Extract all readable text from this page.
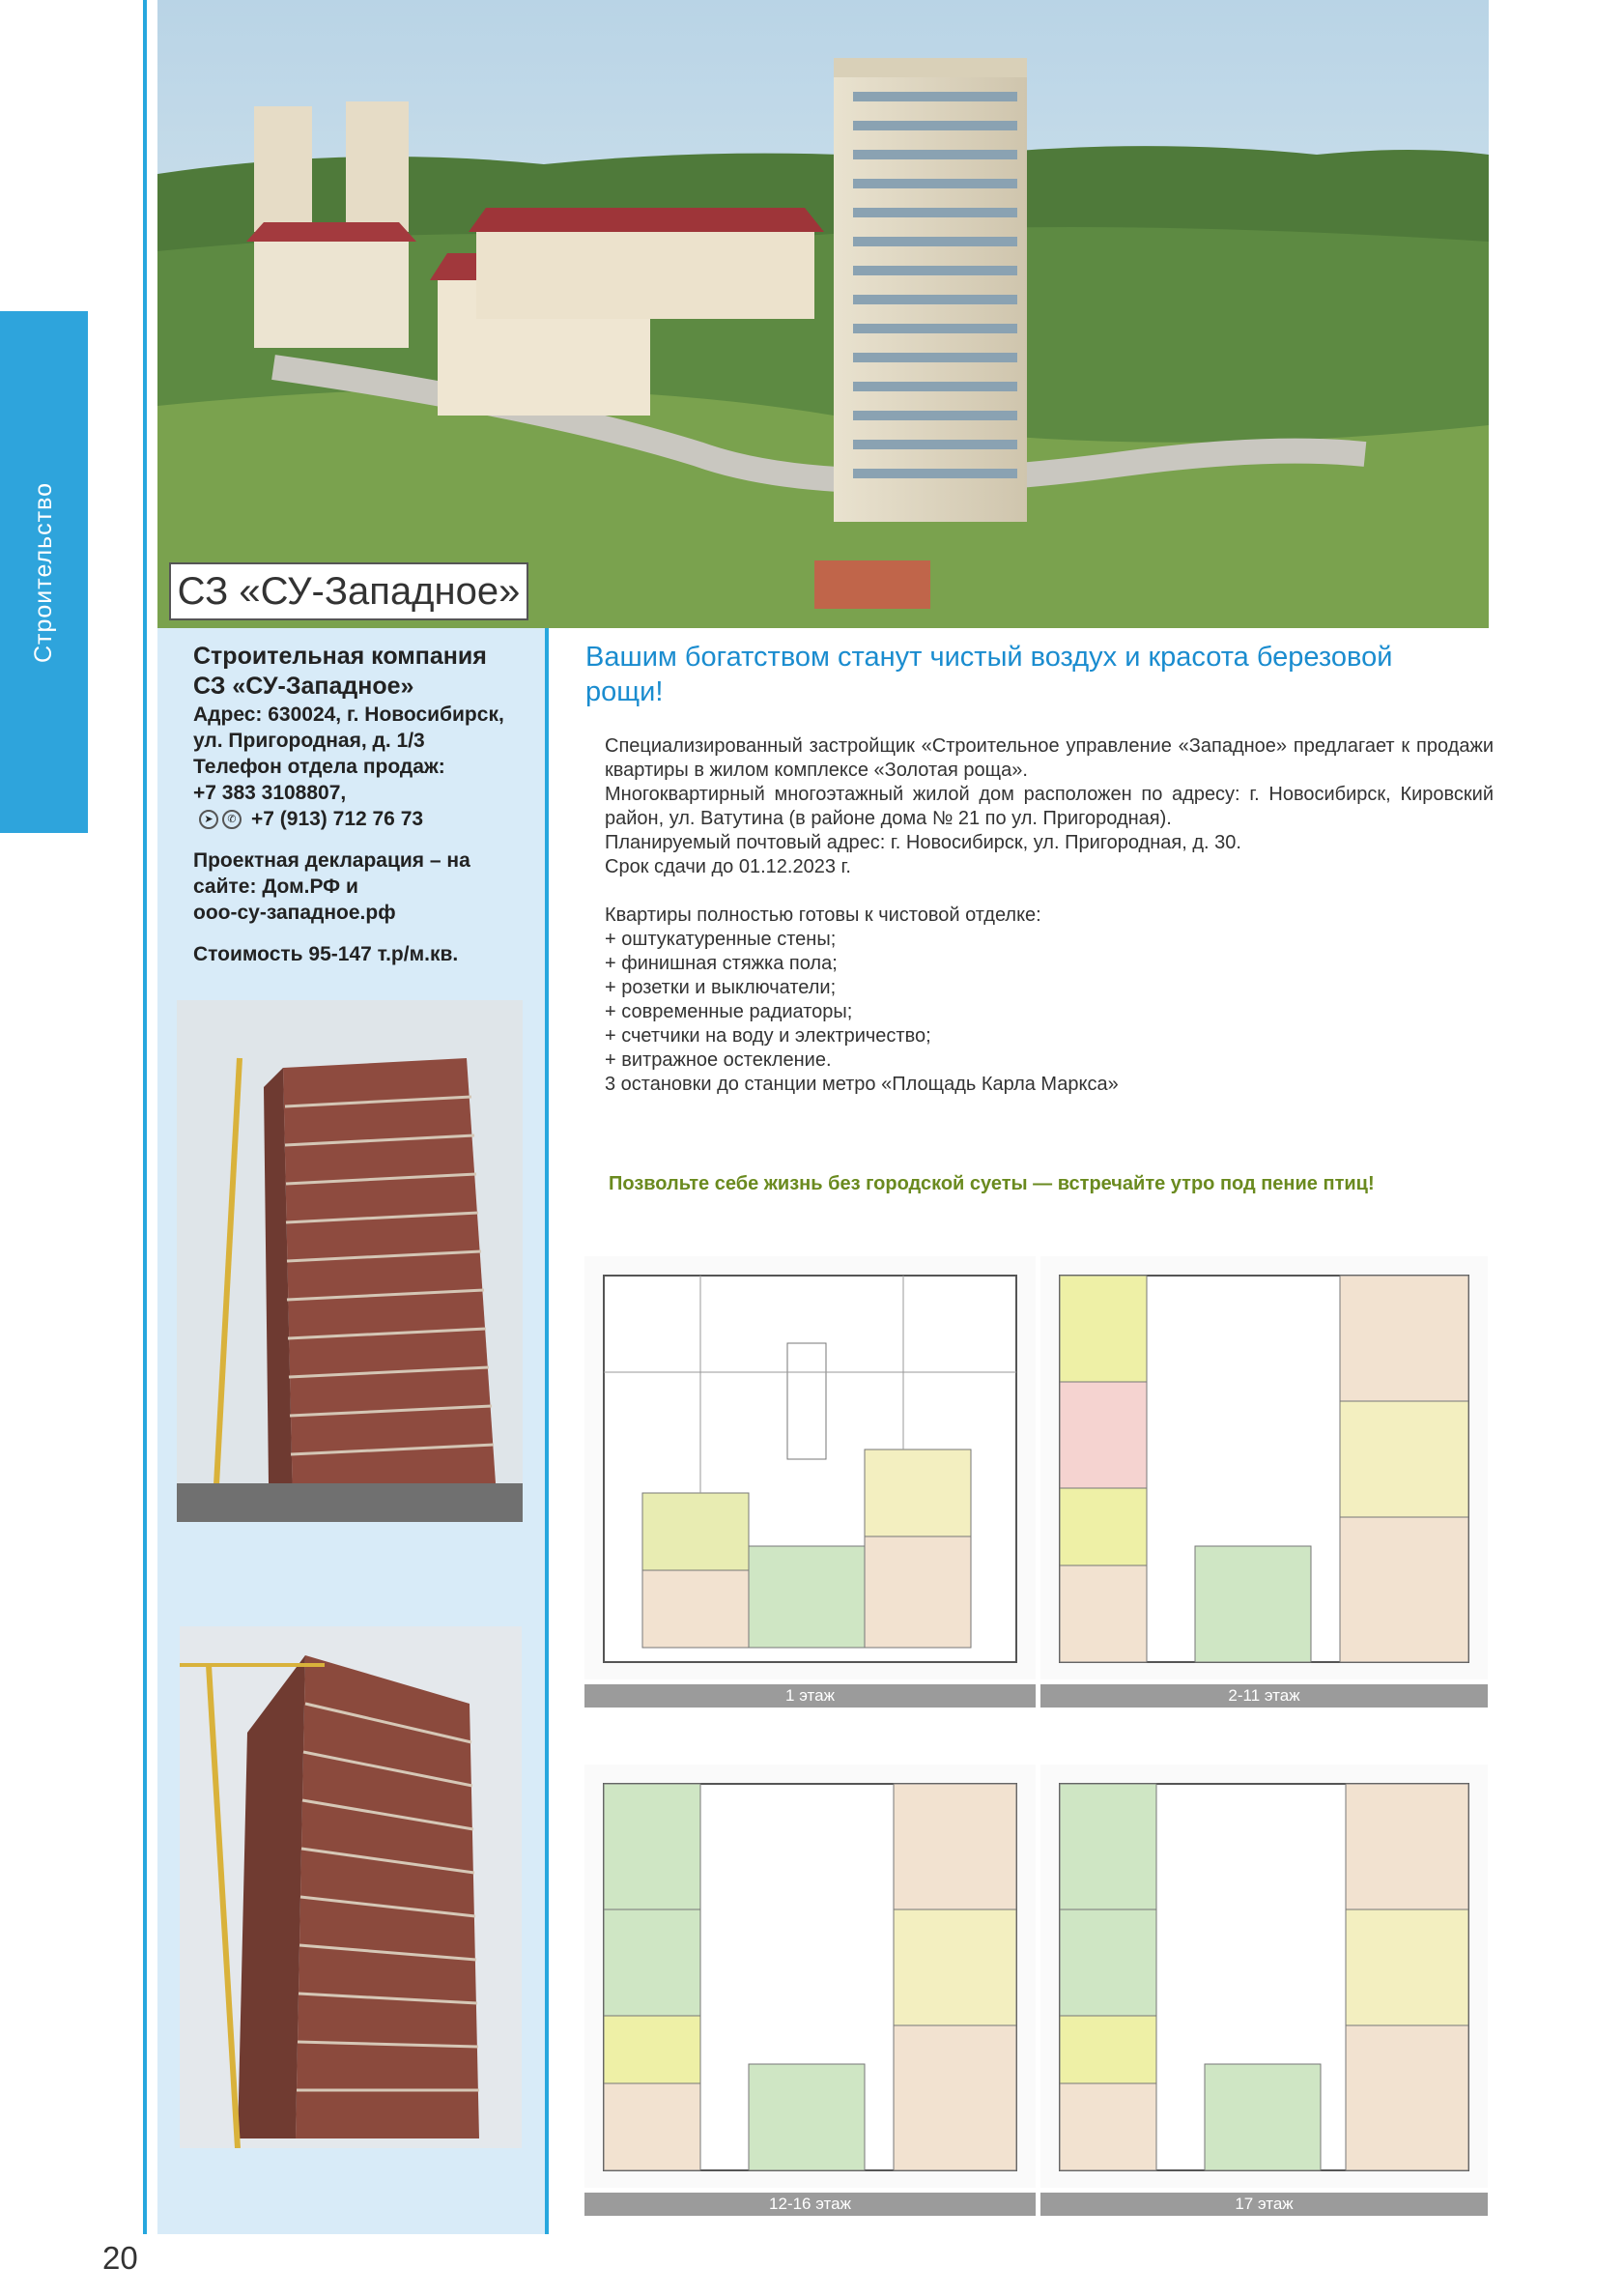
Строительство	СЗ «СУ-Западное»
Строительная компания
СЗ «СУ-Западное»
Адрес: 630024, г. Новосибирск,
ул. Пригородная, д. 1/3
Телефон отдела продаж:
+7 383 3108807,
➤	✆ +7 (913) 712 76 73
Проектная декларация – на
сайте: Дом.РФ и
ооо-су-западное.рф
Стоимость 95-147 т.р/м.кв.
Вашим богатством станут чистый воздух и красота березовой рощи!
Специализированный застройщик «Строительное управление «Западное» предлагает к продажи квартиры в жилом комплексе «Золотая роща».
Многоквартирный многоэтажный жилой дом расположен по адресу: г. Новосибирск, Кировский район, ул. Ватутина (в районе дома № 21 по ул. Пригородная).
Планируемый почтовый адрес: г. Новосибирск, ул. Пригородная, д. 30.
Срок сдачи до 01.12.2023 г.
Квартиры полностью готовы к чистовой отделке:
+ оштукатуренные стены;
+ финишная стяжка пола;
+ розетки и выключатели;
+ современные радиаторы;
+ счетчики на воду и электричество;
+ витражное остекление.
3 остановки до станции метро «Площадь Карла Маркса»
Позвольте себе жизнь без городской суеты — встречайте утро под пение птиц!
1 этаж	2-11 этаж
12-16 этаж	17 этаж
20
